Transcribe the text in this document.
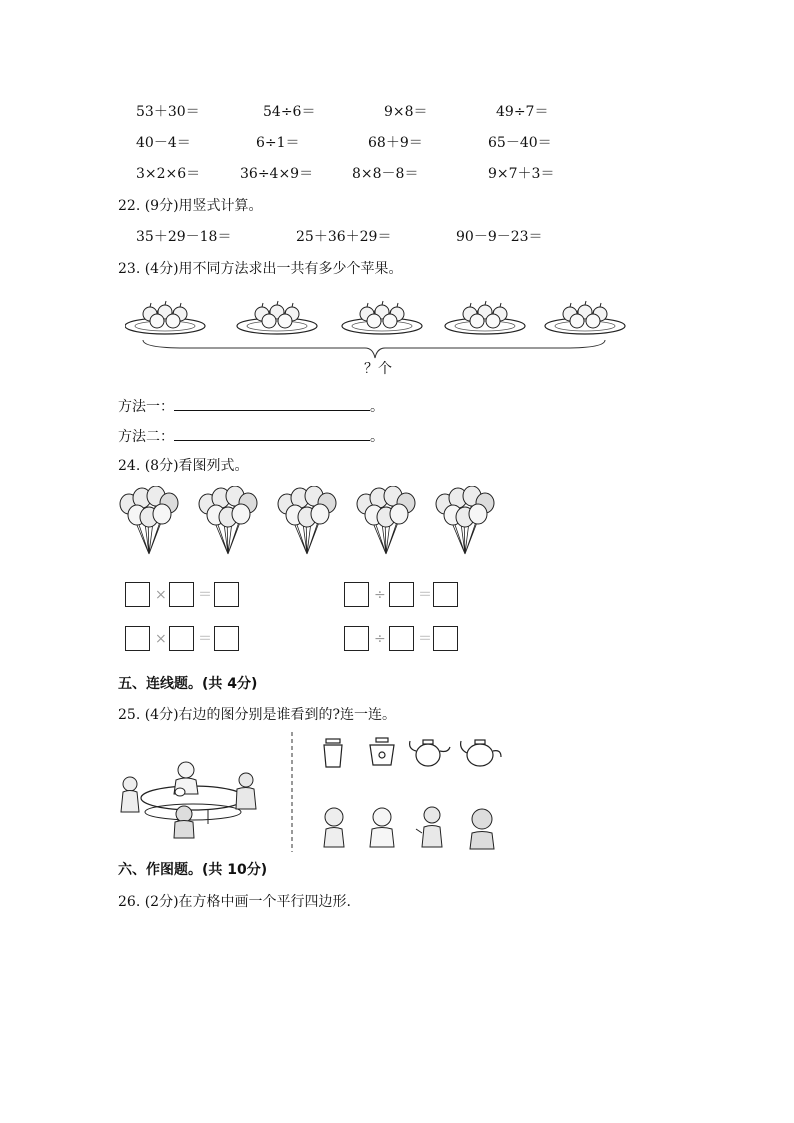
53＋30＝	54÷6＝	9×8＝	49÷7＝
40－4＝	6÷1＝	68＋9＝	65－40＝
3×2×6＝	36÷4×9＝	8×8－8＝	9×7＋3＝
22. (9分)用竖式计算。
35＋29－18＝	25＋36＋29＝	90－9－23＝
23. (4分)用不同方法求出一共有多少个苹果。
？个
方法一：	。
方法二：	。
24. (8分)看图列式。
× ＝	÷ ＝
× ＝	÷ ＝
五、连线题。(共 4分)
25. (4分)右边的图分别是谁看到的?连一连。
六、作图题。(共 10分)
26. (2分)在方格中画一个平行四边形.
